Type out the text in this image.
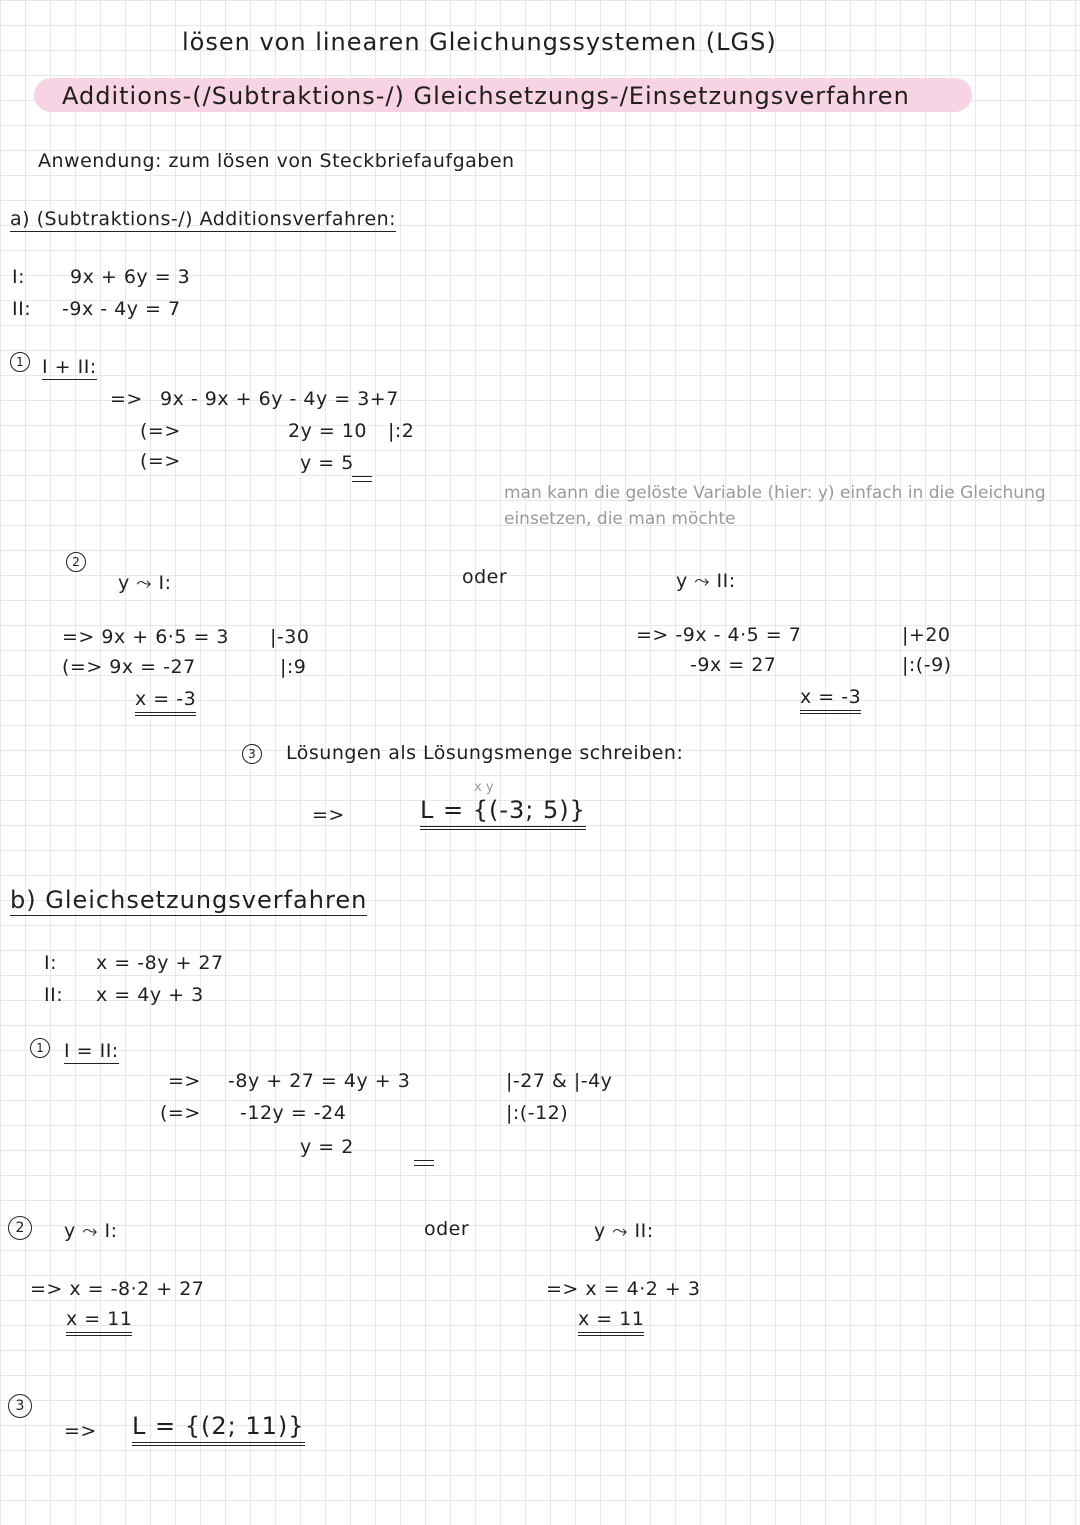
lösen von linearen Gleichungssystemen (LGS)
Additions-(/Subtraktions-/) Gleichsetzungs-/Einsetzungsverfahren
Anwendung: zum lösen von Steckbriefaufgaben
a) (Subtraktions-/) Additionsverfahren:
I: 9x + 6y = 3
II: -9x - 4y = 7
1 I + II:
=> 9x - 9x + 6y - 4y = 3+7
(=>	2y = 10 |:2
(=>	y = 5
2
y ⤳ I:
=> 9x + 6·5 = 3 |-30
(=> 9x = -27	|:9
x = -3
oder
man kann die gelöste Variable (hier: y) einfach in die Gleichung einsetzen, die man möchte
y ⤳ II:
=> -9x - 4·5 = 7	|+20
-9x = 27	|:(-9)
x = -3
3	Lösungen als Lösungsmenge schreiben:
x y
=>	L = {(-3; 5)}
b) Gleichsetzungsverfahren
I: x = -8y + 27
II: x = 4y + 3
1	I = II:
=> -8y + 27 = 4y + 3	|-27 & |-4y
(=> -12y = -24	|:(-12)
y = 2
2	y ⤳ I:
=> x = -8·2 + 27
x = 11
oder	y ⤳ II:
=> x = 4·2 + 3
x = 11
3
=> L = {(2; 11)}
